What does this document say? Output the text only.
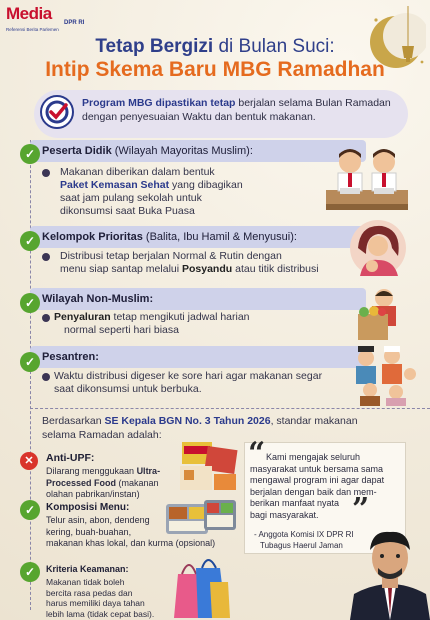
Media	DPR RI
Referensi Berita Parlemen
Tetap Bergizi di Bulan Suci:
Intip Skema Baru MBG Ramadhan
Program MBG dipastikan tetap berjalan selama Bulan Ramadan dengan penyesuaian Waktu dan bentuk makanan.
Peserta Didik (Wilayah Mayoritas Muslim):
✓
Makanan diberikan dalam bentuk
Paket Kemasan Sehat yang dibagikan
saat jam pulang sekolah untuk
dikonsumsi saat Buka Puasa
Kelompok Prioritas (Balita, Ibu Hamil & Menyusui):
✓
Distribusi tetap berjalan Normal & Rutin dengan
menu siap santap melalui Posyandu atau titik distribusi
Wilayah Non-Muslim:
✓
Penyaluran tetap mengikuti jadwal harian
normal seperti hari biasa
Pesantren:
✓
Waktu distribusi digeser ke sore hari agar makanan segar
saat dikonsumsi untuk berbuka.
Berdasarkan SE Kepala BGN No. 3 Tahun 2026, standar makanan
selama Ramadan adalah:
✕	Anti-UPF:
Dilarang menggukaan Ultra-
Processed Food (makanan
olahan pabrikan/instan)
✓	Komposisi Menu:
Telur asin, abon, dendeng
kering, buah-buahan,
makanan khas lokal, dan kurma (opsional)
✓	Kriteria Keamanan:
Makanan tidak boleh
bercita rasa pedas dan
harus memiliki daya tahan
lebih lama (tidak cepat basi).
“ Kami mengajak seluruh
masyarakat untuk bersama sama
mengawal program ini agar dapat
berjalan dengan baik dan mem-
berikan manfaat nyata
bagi masyarakat.	”
- Anggota Komisi IX DPR RI
Tubagus Haerul Jaman
